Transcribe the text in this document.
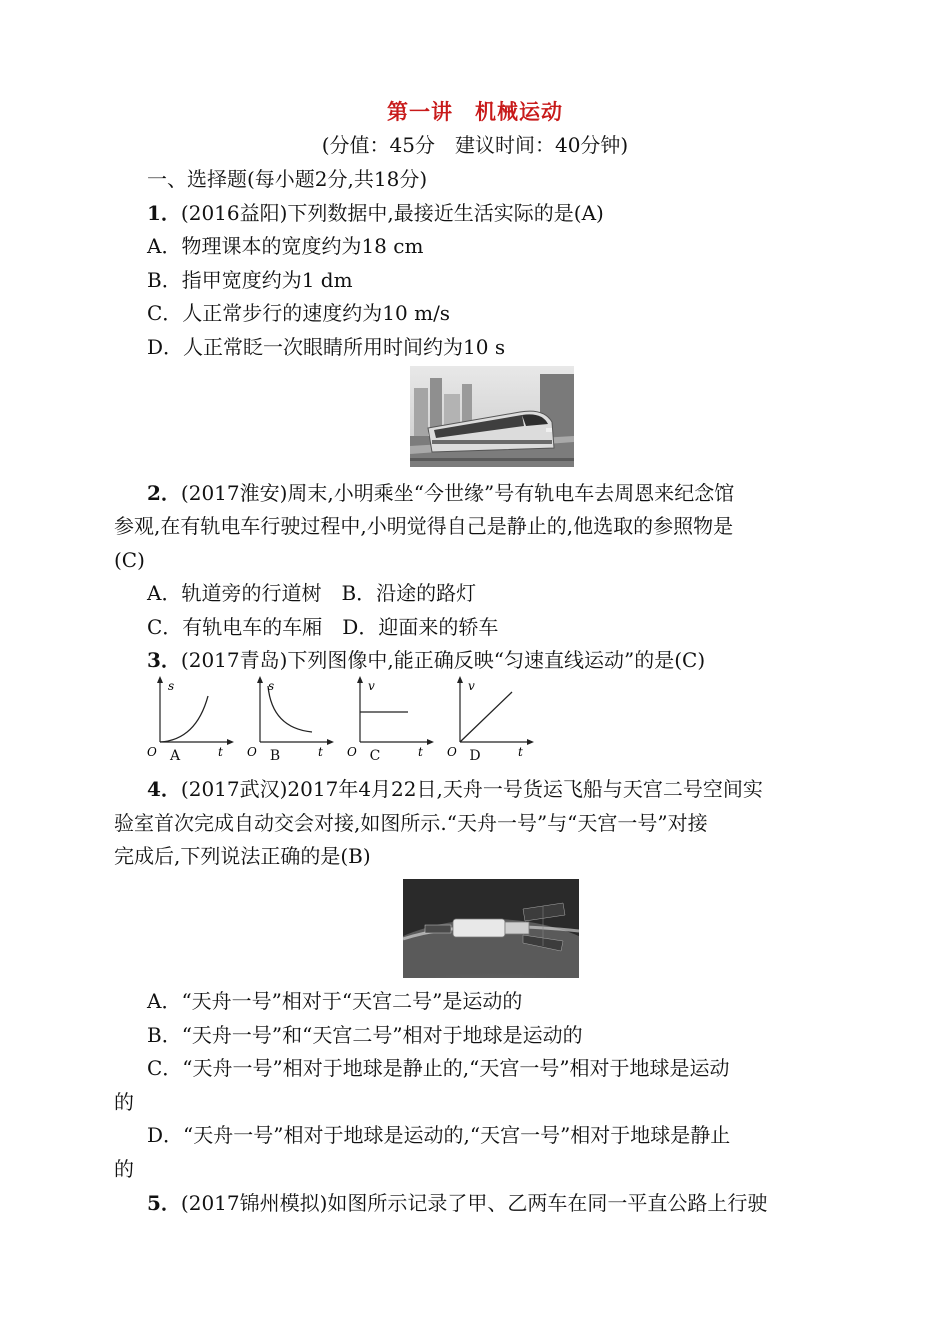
第一讲　机械运动
(分值：45分　建议时间：40分钟)
一、选择题(每小题2分,共18分)
1．(2016益阳)下列数据中,最接近生活实际的是(A)
A．物理课本的宽度约为18 cm
B．指甲宽度约为1 dm
C．人正常步行的速度约为10 m/s
D．人正常眨一次眼睛所用时间约为10 s
2．(2017淮安)周末,小明乘坐“今世缘”号有轨电车去周恩来纪念馆
参观,在有轨电车行驶过程中,小明觉得自己是静止的,他选取的参照物是
(C)
A．轨道旁的行道树　B．沿途的路灯
C．有轨电车的车厢　D．迎面来的轿车
3．(2017青岛)下列图像中,能正确反映“匀速直线运动”的是(C)
s
t
O A
s
t
O B
v
t
O C
v
t
O D
4．(2017武汉)2017年4月22日,天舟一号货运飞船与天宫二号空间实
验室首次完成自动交会对接,如图所示.“天舟一号”与“天宫一号”对接
完成后,下列说法正确的是(B)
A．“天舟一号”相对于“天宫二号”是运动的
B．“天舟一号”和“天宫二号”相对于地球是运动的
C．“天舟一号”相对于地球是静止的,“天宫一号”相对于地球是运动
的
D．“天舟一号”相对于地球是运动的,“天宫一号”相对于地球是静止
的
5．(2017锦州模拟)如图所示记录了甲、乙两车在同一平直公路上行驶
